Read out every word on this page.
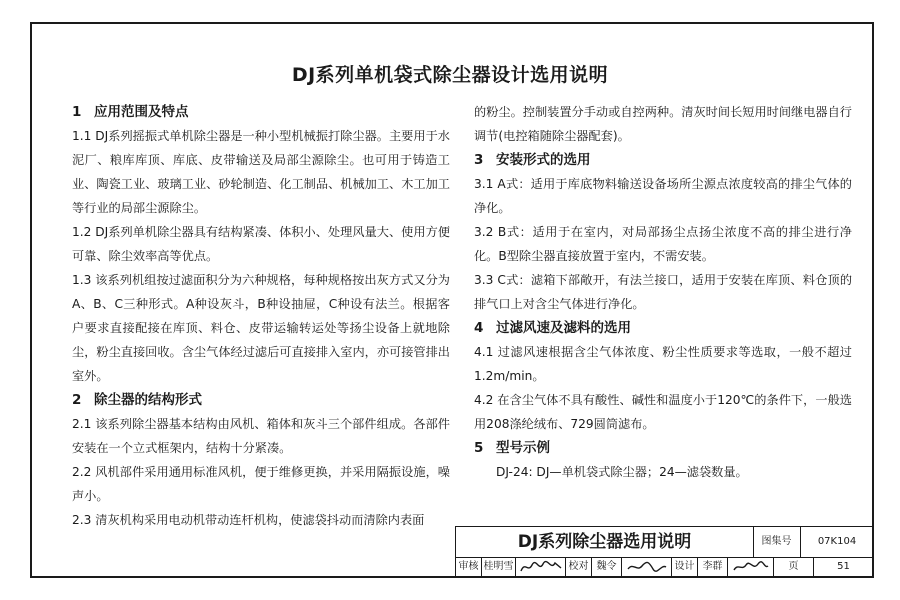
DJ系列单机袋式除尘器设计选用说明

1 应用范围及特点

1.1 DJ系列摇振式单机除尘器是一种小型机械振打除尘器。主要用于水泥厂、粮库库顶、库底、皮带输送及局部尘源除尘。也可用于铸造工业、陶瓷工业、玻璃工业、砂轮制造、化工制品、机械加工、木工加工等行业的局部尘源除尘。

1.2 DJ系列单机除尘器具有结构紧凑、体积小、处理风量大、使用方便可靠、除尘效率高等优点。

1.3 该系列机组按过滤面积分为六种规格，每种规格按出灰方式又分为A、B、C三种形式。A种设灰斗，B种设抽屉，C种设有法兰。根据客户要求直接配接在库顶、料仓、皮带运输转运处等扬尘设备上就地除尘，粉尘直接回收。含尘气体经过滤后可直接排入室内，亦可接管排出室外。

2 除尘器的结构形式

2.1 该系列除尘器基本结构由风机、箱体和灰斗三个部件组成。各部件安装在一个立式框架内，结构十分紧凑。

2.2 风机部件采用通用标准风机，便于维修更换，并采用隔振设施，噪声小。

2.3 清灰机构采用电动机带动连杆机构，使滤袋抖动而清除内表面

的粉尘。控制装置分手动或自控两种。清灰时间长短用时间继电器自行调节(电控箱随除尘器配套)。

3 安装形式的选用

3.1 A式：适用于库底物料输送设备场所尘源点浓度较高的排尘气体的净化。

3.2 B式：适用于在室内，对局部扬尘点扬尘浓度不高的排尘进行净化。B型除尘器直接放置于室内，不需安装。

3.3 C式：滤箱下部敞开，有法兰接口，适用于安装在库顶、料仓顶的排气口上对含尘气体进行净化。

4 过滤风速及滤料的选用

4.1 过滤风速根据含尘气体浓度、粉尘性质要求等选取，一般不超过1.2m/min。

4.2 在含尘气体不具有酸性、碱性和温度小于120℃的条件下，一般选用208涤纶绒布、729圆筒滤布。

5 型号示例

DJ-24: DJ—单机袋式除尘器；24—滤袋数量。

DJ系列除尘器选用说明	图集号	07K104
审核 桂明雪	校对 魏令	设计 李群	页	51
